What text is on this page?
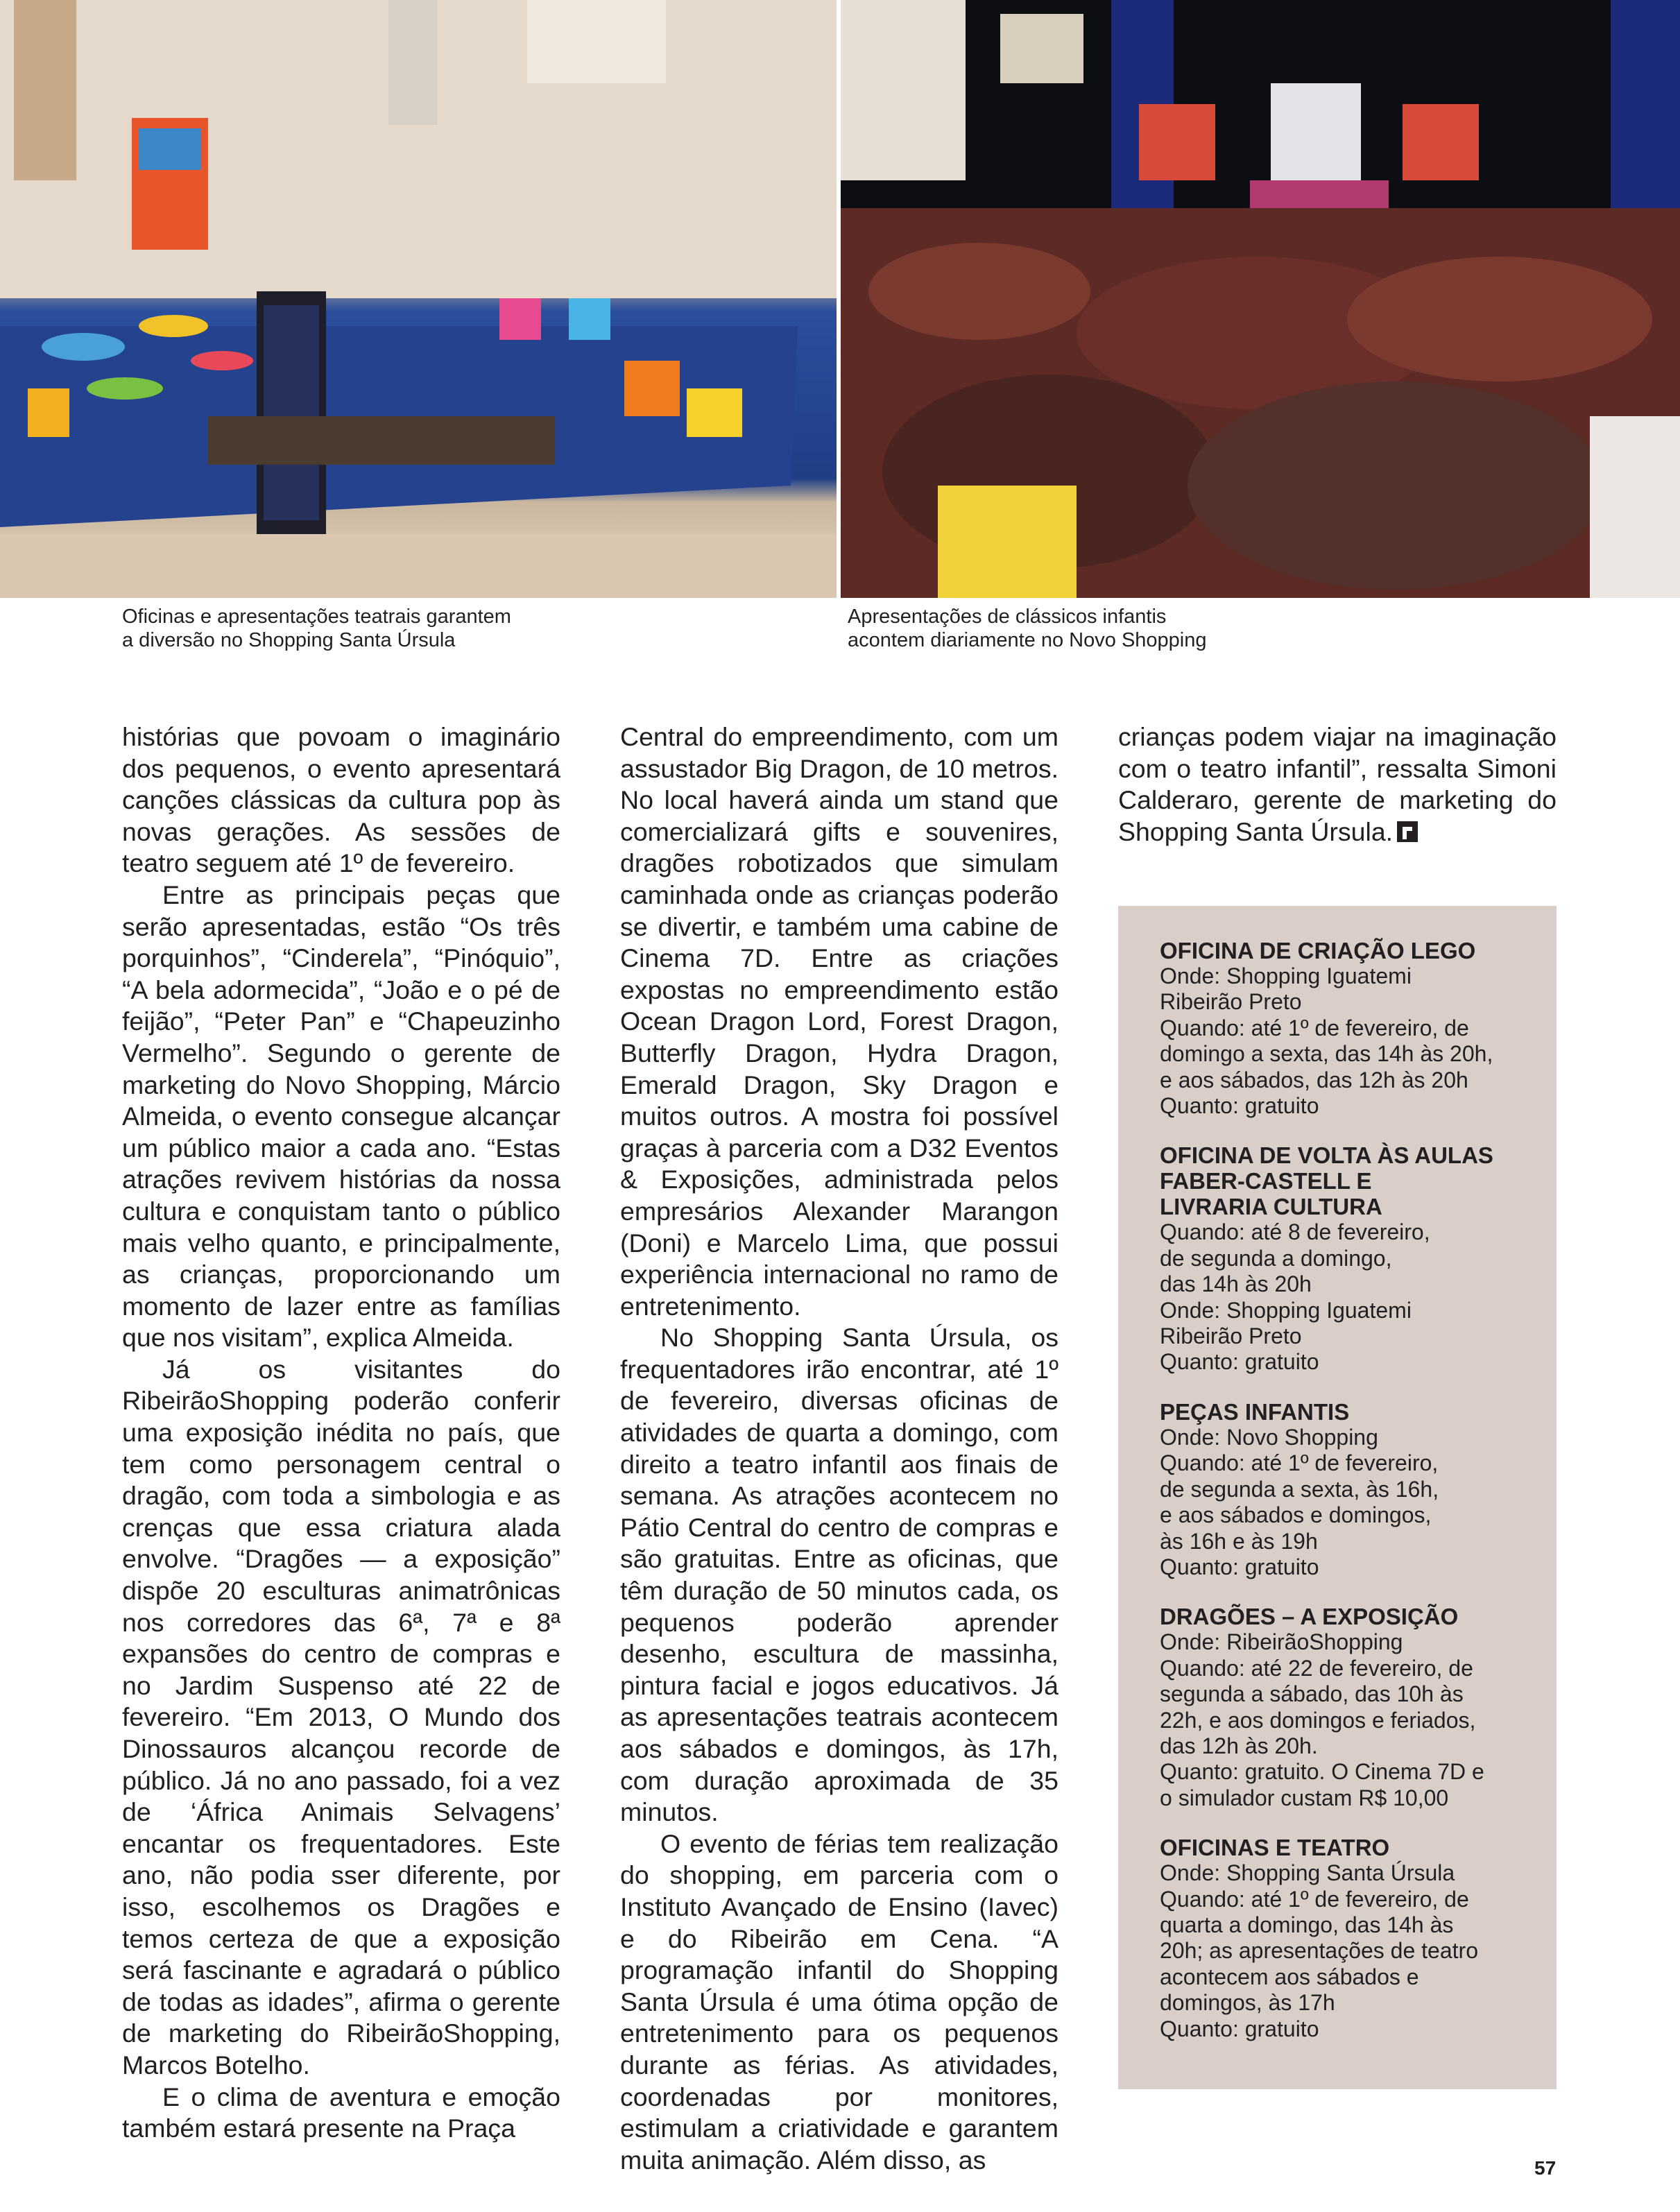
Oficinas e apresentações teatrais garantem
a diversão no Shopping Santa Úrsula
Apresentações de clássicos infantis
acontem diariamente no Novo Shopping

histórias que povoam o imaginário dos pequenos, o evento apresentará canções clássicas da cultura pop às novas gerações. As sessões de teatro seguem até 1º de fevereiro.

Entre as principais peças que serão apresentadas, estão “Os três porquinhos”, “Cinderela”, “Pinóquio”, “A bela adormecida”, “João e o pé de feijão”, “Peter Pan” e “Chapeuzinho Vermelho”. Segundo o gerente de marketing do Novo Shopping, Márcio Almeida, o evento consegue alcançar um público maior a cada ano. “Estas atrações revivem histórias da nossa cultura e conquistam tanto o público mais velho quanto, e principalmente, as crianças, proporcionando um momento de lazer entre as famílias que nos visitam”, explica Almeida.

Já os visitantes do RibeirãoShopping poderão conferir uma exposição inédita no país, que tem como personagem central o dragão, com toda a simbologia e as crenças que essa criatura alada envolve. “Dragões — a exposição” dispõe 20 esculturas animatrônicas nos corredores das 6ª, 7ª e 8ª expansões do centro de compras e no Jardim Suspenso até 22 de fevereiro. “Em 2013, O Mundo dos Dinossauros alcançou recorde de público. Já no ano passado, foi a vez de ‘África Animais Selvagens’ encantar os frequentadores. Este ano, não podia sser diferente, por isso, escolhemos os Dragões e temos certeza de que a exposição será fascinante e agradará o público de todas as idades”, afirma o gerente de marketing do RibeirãoShopping, Marcos Botelho.

E o clima de aventura e emoção também estará presente na Praça

Central do empreendimento, com um assustador Big Dragon, de 10 metros. No local haverá ainda um stand que comercializará gifts e souvenires, dragões robotizados que simulam caminhada onde as crianças poderão se divertir, e também uma cabine de Cinema 7D. Entre as criações expostas no empreendimento estão Ocean Dragon Lord, Forest Dragon, Butterfly Dragon, Hydra Dragon, Emerald Dragon, Sky Dragon e muitos outros. A mostra foi possível graças à parceria com a D32 Eventos & Exposições, administrada pelos empresários Alexander Marangon (Doni) e Marcelo Lima, que possui experiência internacional no ramo de entretenimento.

No Shopping Santa Úrsula, os frequentadores irão encontrar, até 1º de fevereiro, diversas oficinas de atividades de quarta a domingo, com direito a teatro infantil aos finais de semana. As atrações acontecem no Pátio Central do centro de compras e são gratuitas. Entre as oficinas, que têm duração de 50 minutos cada, os pequenos poderão aprender desenho, escultura de massinha, pintura facial e jogos educativos. Já as apresentações teatrais acontecem aos sábados e domingos, às 17h, com duração aproximada de 35 minutos.

O evento de férias tem realização do shopping, em parceria com o Instituto Avançado de Ensino (Iavec) e do Ribeirão em Cena. “A programação infantil do Shopping Santa Úrsula é uma ótima opção de entretenimento para os pequenos durante as férias. As atividades, coordenadas por monitores, estimulam a criatividade e garantem muita animação. Além disso, as

crianças podem viajar na imaginação com o teatro infantil”, ressalta Simoni Calderaro, gerente de marketing do Shopping Santa Úrsula.

OFICINA DE CRIAÇÃO LEGO
Onde: Shopping Iguatemi
Ribeirão Preto
Quando: até 1º de fevereiro, de
domingo a sexta, das 14h às 20h,
e aos sábados, das 12h às 20h
Quanto: gratuito
OFICINA DE VOLTA ÀS AULAS
FABER-CASTELL E
LIVRARIA CULTURA
Quando: até 8 de fevereiro,
de segunda a domingo,
das 14h às 20h
Onde: Shopping Iguatemi
Ribeirão Preto
Quanto: gratuito
PEÇAS INFANTIS
Onde: Novo Shopping
Quando: até 1º de fevereiro,
de segunda a sexta, às 16h,
e aos sábados e domingos,
às 16h e às 19h
Quanto: gratuito
DRAGÕES – A EXPOSIÇÃO
Onde: RibeirãoShopping
Quando: até 22 de fevereiro, de
segunda a sábado, das 10h às
22h, e aos domingos e feriados,
das 12h às 20h.
Quanto: gratuito. O Cinema 7D e
o simulador custam R$ 10,00
OFICINAS E TEATRO
Onde: Shopping Santa Úrsula
Quando: até 1º de fevereiro, de
quarta a domingo, das 14h às
20h; as apresentações de teatro
acontecem aos sábados e
domingos, às 17h
Quanto: gratuito
57
